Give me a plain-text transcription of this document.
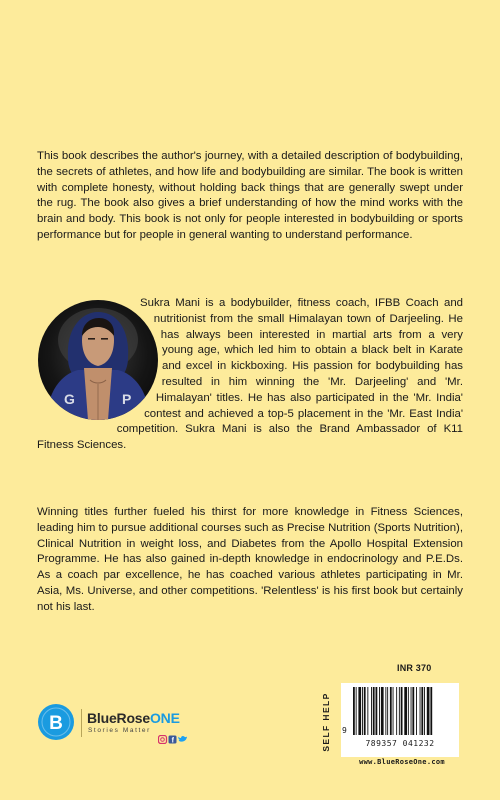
This book describes the author's journey, with a detailed description of bodybuilding, the secrets of athletes, and how life and bodybuilding are similar. The book is written with complete honesty, without holding back things that are generally swept under the rug. The book also gives a brief understanding of how the mind works with the brain and body. This book is not only for people interested in bodybuilding or sports performance but for people in general wanting to understand performance.

G	P

Sukra Mani is a bodybuilder, fitness coach, IFBB Coach and nutritionist from the small Himalayan town of Darjeeling. He has always been interested in martial arts from a very young age, which led him to obtain a black belt in Karate and excel in kickboxing. His passion for bodybuilding has resulted in him winning the 'Mr. Darjeeling' and 'Mr. Himalayan' titles. He has also participated in the 'Mr. India' contest and achieved a top-5 placement in the 'Mr. East India' competition. Sukra Mani is also the Brand Ambassador of K11 Fitness Sciences.

Winning titles further fueled his thirst for more knowledge in Fitness Sciences, leading him to pursue additional courses such as Precise Nutrition (Sports Nutrition), Clinical Nutrition in weight loss, and Diabetes from the Apollo Hospital Extension Programme. He has also gained in-depth knowledge in endocrinology and P.E.Ds. As a coach par excellence, he has coached various athletes participating in Mr. Asia, Ms. Universe, and other competitions. 'Relentless' is his first book but certainly not his last.

B BlueRoseONE
Stories Matter
f
INR 370
SELF HELP 9
789357 041232
www.BlueRoseOne.com
